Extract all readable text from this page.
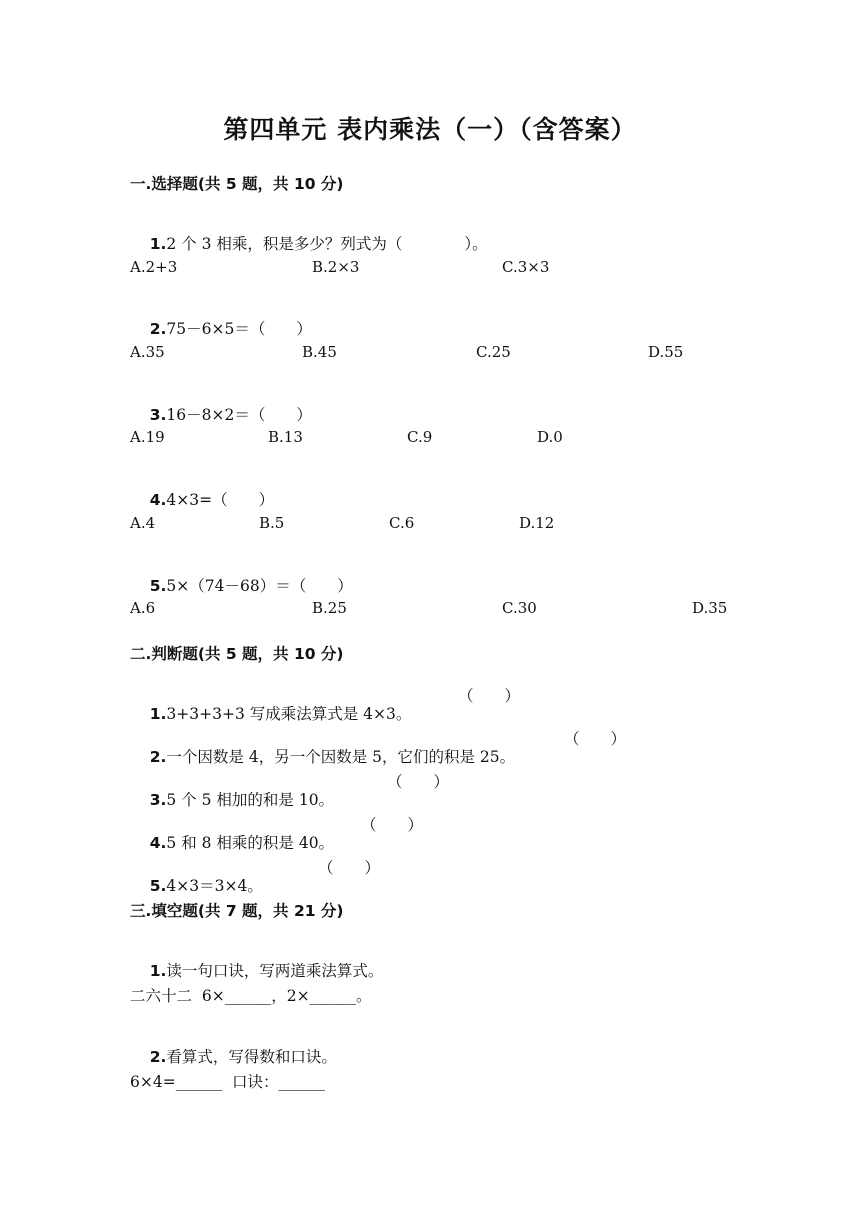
第四单元 表内乘法（一）（含答案）
一.选择题(共 5 题，共 10 分)

1.2 个 3 相乘，积是多少？列式为（　　　　）。

A.2+3	B.2×3	C.3×3

2.75－6×5＝（　　）

A.35	B.45	C.25	D.55

3.16－8×2＝（　　）

A.19	B.13	C.9	D.0

4.4×3=（　　）

A.4	B.5	C.6	D.12

5.5×（74－68）＝（　　）

A.6	B.25	C.30	D.35
二.判断题(共 5 题，共 10 分)

1.3+3+3+3 写成乘法算式是 4×3。

（　　）

2.一个因数是 4，另一个因数是 5，它们的积是 25。

（　　）

3.5 个 5 相加的和是 10。

（　　）

4.5 和 8 相乘的积是 40。

（　　）

5.4×3＝3×4。

（　　）
三.填空题(共 7 题，共 21 分)

1.读一句口诀，写两道乘法算式。

二六十二  6×______，2×______。

2.看算式，写得数和口诀。

6×4=______  口诀：______
